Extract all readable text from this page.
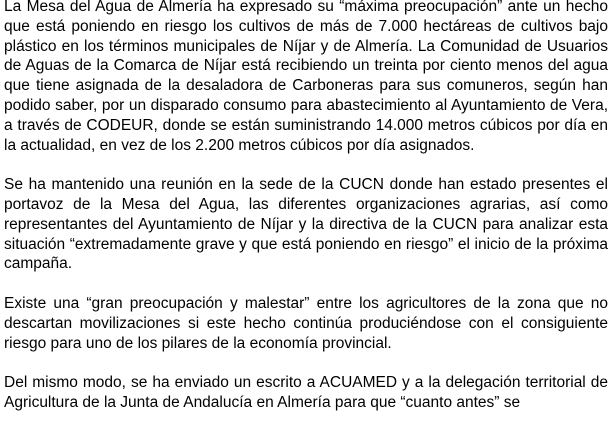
La Mesa del Agua de Almería ha expresado su “máxima preocupación” ante un hecho que está poniendo en riesgo los cultivos de más de 7.000 hectáreas de cultivos bajo plástico en los términos municipales de Níjar y de Almería. La Comunidad de Usuarios de Aguas de la Comarca de Níjar está recibiendo un treinta por ciento menos del agua que tiene asignada de la desaladora de Carboneras para sus comuneros, según han podido saber, por un disparado consumo para abastecimiento al Ayuntamiento de Vera, a través de CODEUR, donde se están suministrando 14.000 metros cúbicos por día en la actualidad, en vez de los 2.200 metros cúbicos por día asignados.

Se ha mantenido una reunión en la sede de la CUCN donde han estado presentes el portavoz de la Mesa del Agua, las diferentes organizaciones agrarias, así como representantes del Ayuntamiento de Níjar y la directiva de la CUCN para analizar esta situación “extremadamente grave y que está poniendo en riesgo” el inicio de la próxima campaña.

Existe una “gran preocupación y malestar” entre los agricultores de la zona que no descartan movilizaciones si este hecho continúa produciéndose con el consiguiente riesgo para uno de los pilares de la economía provincial.

Del mismo modo, se ha enviado un escrito a ACUAMED y a la delegación territorial de Agricultura de la Junta de Andalucía en Almería para que “cuanto antes” se
